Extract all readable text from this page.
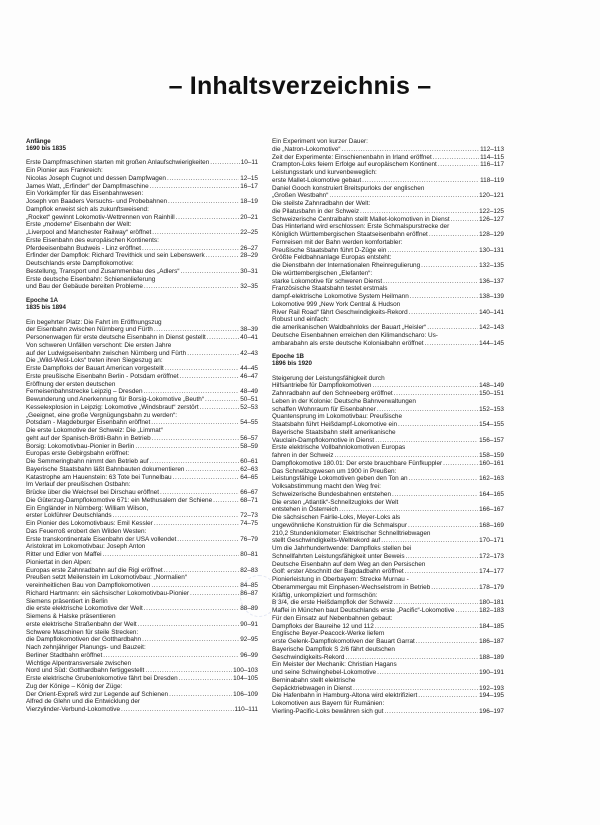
– Inhaltsverzeichnis –
Anfänge
1690 bis 1835
Erste Dampfmaschinen starten mit großen Anlaufschwierigkeiten .....	10–11
Ein Pionier aus Frankreich:
Nicolas Joseph Cugnot und dessen Dampfwagen .....	12–15
James Watt, „Erfinder“ der Dampfmaschine .....	16–17
Ein Vorkämpfer für das Eisenbahnwesen:
Joseph von Baaders Versuchs- und Probebahnen .....	18–19
Dampflok erweist sich als zukunftsweisend:
„Rocket“ gewinnt Lokomotiv-Wettrennen von Rainhill .....	20–21
Erste „moderne“ Eisenbahn der Welt:
„Liverpool and Manchester Railway“ eröffnet .....	22–25
Erste Eisenbahn des europäischen Kontinents:
Pferdeeisenbahn Budweis - Linz eröffnet .....	26–27
Erfinder der Dampflok: Richard Trevithick und sein Lebenswerk .....	28–29
Deutschlands erste Dampflokomotive:
Bestellung, Transport und Zusammenbau des „Adlers“ .....	30–31
Erste deutsche Eisenbahn: Schienenlieferung
und Bau der Gebäude bereiten Probleme .....	32–35
Epoche 1A
1835 bis 1894
Ein begehrter Platz: Die Fahrt im Eröffnungszug
der Eisenbahn zwischen Nürnberg und Fürth .....	38–39
Personenwagen für erste deutsche Eisenbahn in Dienst gestellt .....	40–41
Von schweren Unfällen verschont: Die ersten Jahre
auf der Ludwigseisenbahn zwischen Nürnberg und Fürth .....	42–43
Die „Wild-West-Loks“ treten ihren Siegeszug an:
Erste Dampfloks der Bauart American vorgestellt .....	44–45
Erste preußische Eisenbahn Berlin - Potsdam eröffnet .....	46–47
Eröffnung der ersten deutschen
Ferneisenbahnstrecke Leipzig – Dresden .....	48–49
Bewunderung und Anerkennung für Borsig-Lokomotive „Beuth“ .....	50–51
Kesselexplosion in Leipzig: Lokomotive „Windsbraut“ zerstört .....	52–53
„Geeignet, eine große Vergnügungsbahn zu werden“:
Potsdam - Magdeburger Eisenbahn eröffnet .....	54–55
Die erste Lokomotive der Schweiz: Die „Limmat“
geht auf der Spanisch-Brötli-Bahn in Betrieb .....	56–57
Borsig: Lokomotivbau-Pionier in Berlin .....	58–59
Europas erste Gebirgsbahn eröffnet:
Die Semmeringbahn nimmt den Betrieb auf .....	60–61
Bayerische Staatsbahn läßt Bahnbauten dokumentieren .....	62–63
Katastrophe am Hauenstein: 63 Tote bei Tunnelbau .....	64–65
Im Verlauf der preußischen Ostbahn:
Brücke über die Weichsel bei Dirschau eröffnet .....	66–67
Die Güterzug-Dampflokomotive 671: ein Methusalem der Schiene .....	68–71
Ein Engländer in Nürnberg: William Wilson,
erster Lokführer Deutschlands .....	72–73
Ein Pionier des Lokomotivbaus: Emil Kessler .....	74–75
Das Feuerroß erobert den Wilden Westen:
Erste transkontinentale Eisenbahn der USA vollendet .....	76–79
Aristokrat im Lokomotivbau: Joseph Anton
Ritter und Edler von Maffei .....	80–81
Pioniertat in den Alpen:
Europas erste Zahnradbahn auf die Rigi eröffnet .....	82–83
Preußen setzt Meilenstein im Lokomotivbau: „Normalien“
vereinheitlichen Bau von Dampflokomotiven .....	84–85
Richard Hartmann: ein sächsischer Lokomotivbau-Pionier .....	86–87
Siemens präsentiert in Berlin
die erste elektrische Lokomotive der Welt .....	88–89
Siemens & Halske präsentieren
erste elektrische Straßenbahn der Welt .....	90–91
Schwere Maschinen für steile Strecken:
die Dampflokomotiven der Gotthardbahn .....	92–95
Nach zehnjähriger Planungs- und Bauzeit:
Berliner Stadtbahn eröffnet .....	96–99
Wichtige Alpentransversale zwischen
Nord und Süd: Gotthardbahn fertiggestellt .....	100–103
Erste elektrische Grubenlokomotive fährt bei Dresden .....	104–105
Zug der Könige – König der Züge:
Der Orient-Expreß wird zur Legende auf Schienen .....	106–109
Alfred de Glehn und die Entwicklung der
Vierzylinder-Verbund-Lokomotive .....	110–111
Ein Experiment von kurzer Dauer:
die „Natron-Lokomotive“ .....	112–113
Zeit der Experimente: Einschienenbahn in Irland eröffnet .....	114–115
Crampton-Loks feiern Erfolge auf europäischem Kontinent .....	116–117
Leistungsstark und kurvenbeweglich:
erste Mallet-Lokomotive gebaut .....	118–119
Daniel Gooch konstruiert Breitspurloks der englischen
„Großen Westbahn“ .....	120–121
Die steilste Zahnradbahn der Welt:
die Pilatusbahn in der Schweiz .....	122–125
Schweizerische Centralbahn stellt Mallet-lokomotiven in Dienst .....	126–127
Das Hinterland wird erschlossen: Erste Schmalspurstrecke der
Königlich Württembergischen Staatseisenbahn eröffnet .....	128–129
Fernreisen mit der Bahn werden komfortabler:
Preußische Staatsbahn führt D-Züge ein .....	130–131
Größte Feldbahnanlage Europas entsteht:
die Dienstbahn der Internationalen Rheinregulierung .....	132–135
Die württembergischen „Elefanten“:
starke Lokomotive für schweren Dienst .....	136–137
Französische Staatsbahn testet erstmals
dampf-elektrische Lokomotive System Heilmann .....	138–139
Lokomotive 999 „New York Central & Hudson
River Rail Road“ fährt Geschwindigkeits-Rekord .....	140–141
Robust und einfach:
die amerikanischen Waldbahnloks der Bauart „Heisler“ .....	142–143
Deutsche Eisenbahnen erreichen den Kilimandscharo: Us-
ambarabahn als erste deutsche Kolonialbahn eröffnet .....	144–145
Epoche 1B
1896 bis 1920
Steigerung der Leistungsfähigkeit durch
Hilfsantriebe für Dampflokomotiven .....	148–149
Zahnradbahn auf den Schneeberg eröffnet .....	150–151
Leben in der Kolonie: Deutsche Bahnverwaltungen
schaffen Wohnraum für Eisenbahner .....	152–153
Quantensprung im Lokomotivbau: Preußische
Staatsbahn führt Heißdampf-Lokomotive ein .....	154–155
Bayerische Staatsbahn stellt amerikanische
Vauclain-Dampflokomotive in Dienst .....	156–157
Erste elektrische Vollbahnlokomotiven Europas
fahren in der Schweiz .....	158–159
Dampflokomotive 180.01: Der erste brauchbare Fünfkuppler .....	160–161
Das Schnellzugwesen um 1900 in Preußen:
Leistungsfähige Lokomotiven geben den Ton an .....	162–163
Volksabstimmung macht den Weg frei:
Schweizerische Bundesbahnen entstehen .....	164–165
Die ersten „Atlantik“-Schnellzugloks der Welt
entstehen in Österreich .....	166–167
Die sächsischen Fairlie-Loks, Meyer-Loks als
ungewöhnliche Konstruktion für die Schmalspur .....	168–169
210,2 Stundenkilometer: Elektrischer Schnelltriebwagen
stellt Geschwindigkeits-Weltrekord auf .....	170–171
Um die Jahrhundertwende: Dampfloks stellen bei
Schnellfahrten Leistungsfähigkeit unter Beweis .....	172–173
Deutsche Eisenbahn auf dem Weg an den Persischen
Golf: erster Abschnitt der Bagdadbahn eröffnet .....	174–177
Pionierleistung in Oberbayern: Strecke Murnau -
Oberammergau mit Einphasen-Wechselstrom in Betrieb .....	178–179
Kräftig, unkompliziert und formschön:
B 3/4, die erste Heißdampflok der Schweiz .....	180–181
Maffei in München baut Deutschlands erste „Pacific“-Lokomotive .....	182–183
Für den Einsatz auf Nebenbahnen gebaut:
Dampfloks der Baureihe 12 und 112 .....	184–185
Englische Beyer-Peacock-Werke liefern
erste Gelenk-Dampflokomotiven der Bauart Garrat .....	186–187
Bayerische Dampflok S 2/6 fährt deutschen
Geschwindigkeits-Rekord .....	188–189
Ein Meister der Mechanik: Christian Hagans
und seine Schwinghebel-Lokomotive .....	190–191
Berninabahn stellt elektrische
Gepäcktriebwagen in Dienst .....	192–193
Die Hafenbahn in Hamburg-Altona wird elektrifiziert .....	194–195
Lokomotiven aus Bayern für Rumänien:
Vierling-Pacific-Loks bewähren sich gut .....	196–197
